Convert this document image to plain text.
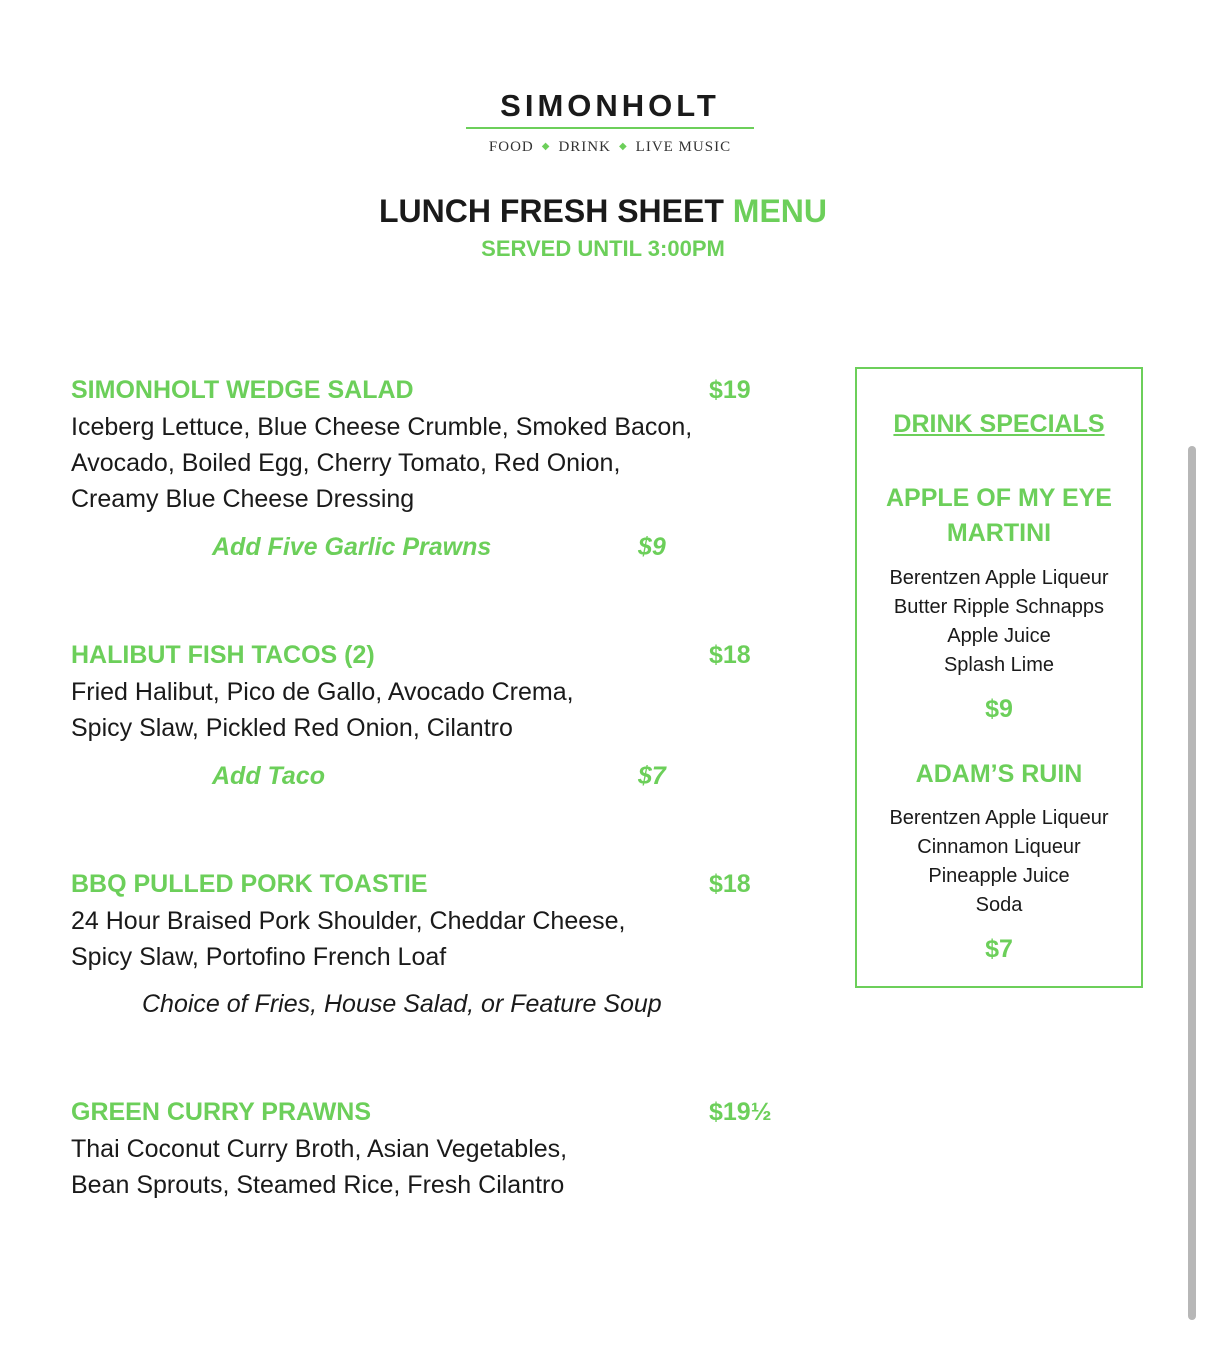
SIMONHOLT
FOOD ◆ DRINK ◆ LIVE MUSIC
LUNCH FRESH SHEET MENU
SERVED UNTIL 3:00PM
SIMONHOLT WEDGE SALAD	$19
Iceberg Lettuce, Blue Cheese Crumble, Smoked Bacon,
Avocado, Boiled Egg, Cherry Tomato, Red Onion,
Creamy Blue Cheese Dressing
Add Five Garlic Prawns	$9
HALIBUT FISH TACOS (2)	$18
Fried Halibut, Pico de Gallo, Avocado Crema,
Spicy Slaw, Pickled Red Onion, Cilantro
Add Taco	$7
BBQ PULLED PORK TOASTIE	$18
24 Hour Braised Pork Shoulder, Cheddar Cheese,
Spicy Slaw, Portofino French Loaf
Choice of Fries, House Salad, or Feature Soup
GREEN CURRY PRAWNS	$19½
Thai Coconut Curry Broth, Asian Vegetables,
Bean Sprouts, Steamed Rice, Fresh Cilantro
DRINK SPECIALS
APPLE OF MY EYE
MARTINI
Berentzen Apple Liqueur
Butter Ripple Schnapps
Apple Juice
Splash Lime
$9
ADAM’S RUIN
Berentzen Apple Liqueur
Cinnamon Liqueur
Pineapple Juice
Soda
$7
